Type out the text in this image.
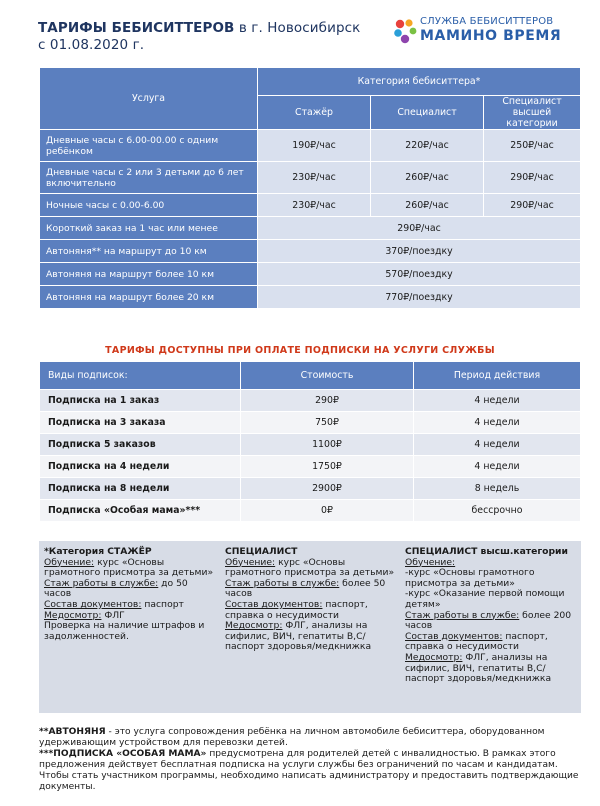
ТАРИФЫ БЕБИСИТТЕРОВ в г. Новосибирск
с 01.08.2020 г.
СЛУЖБА БЕБИСИТТЕРОВ
МАМИНО ВРЕМЯ
Услуга	Категория бебиситтера*		
	Стажёр	Специалист	Специалист высшей категории
Дневные часы с 6.00-00.00 с одним ребёнком	190₽/час	220₽/час	250₽/час
Дневные часы с 2 или 3 детьми до 6 лет включительно	230₽/час	260₽/час	290₽/час
Ночные часы с 0.00-6.00	230₽/час	260₽/час	290₽/час
Короткий заказ на 1 час или менее	290₽/час		
Автоняня** на маршрут до 10 км	370₽/поездку		
Автоняня на маршрут более 10 км	570₽/поездку		
Автоняня на маршрут более 20 км	770₽/поездку		
ТАРИФЫ ДОСТУПНЫ ПРИ ОПЛАТЕ ПОДПИСКИ НА УСЛУГИ СЛУЖБЫ
Виды подписок:	Стоимость	Период действия
Подписка на 1 заказ	290₽	4 недели
Подписка на 3 заказа	750₽	4 недели
Подписка 5 заказов	1100₽	4 недели
Подписка на 4 недели	1750₽	4 недели
Подписка на 8 недели	2900₽	8 недель
Подписка «Особая мама»***	0₽	бессрочно
*Категория СТАЖЁР
Обучение: курс «Основы грамотного присмотра за детьми»
Стаж работы в службе: до 50 часов
Состав документов: паспорт
Медосмотр: ФЛГ
Проверка на наличие штрафов и задолженностей.
СПЕЦИАЛИСТ
Обучение: курс «Основы грамотного присмотра за детьми»
Стаж работы в службе: более 50 часов
Состав документов: паспорт, справка о несудимости
Медосмотр: ФЛГ, анализы на сифилис, ВИЧ, гепатиты В,С/ паспорт здоровья/медкнижка
СПЕЦИАЛИСТ высш.категории
Обучение:
-курс «Основы грамотного присмотра за детьми»
-курс «Оказание первой помощи детям»
Стаж работы в службе: более 200 часов
Состав документов: паспорт, справка о несудимости
Медосмотр: ФЛГ, анализы на сифилис, ВИЧ, гепатиты В,С/ паспорт здоровья/медкнижка

**АВТОНЯНЯ - это услуга сопровождения ребёнка на личном автомобиле бебиситтера, оборудованном удерживающим устройством для перевозки детей.

***ПОДПИСКА «ОСОБАЯ МАМА» предусмотрена для родителей детей с инвалидностью. В рамках этого предложения действует бесплатная подписка на услуги службы без ограничений по часам и кандидатам. Чтобы стать участником программы, необходимо написать администратору и предоставить подтверждающие документы.
